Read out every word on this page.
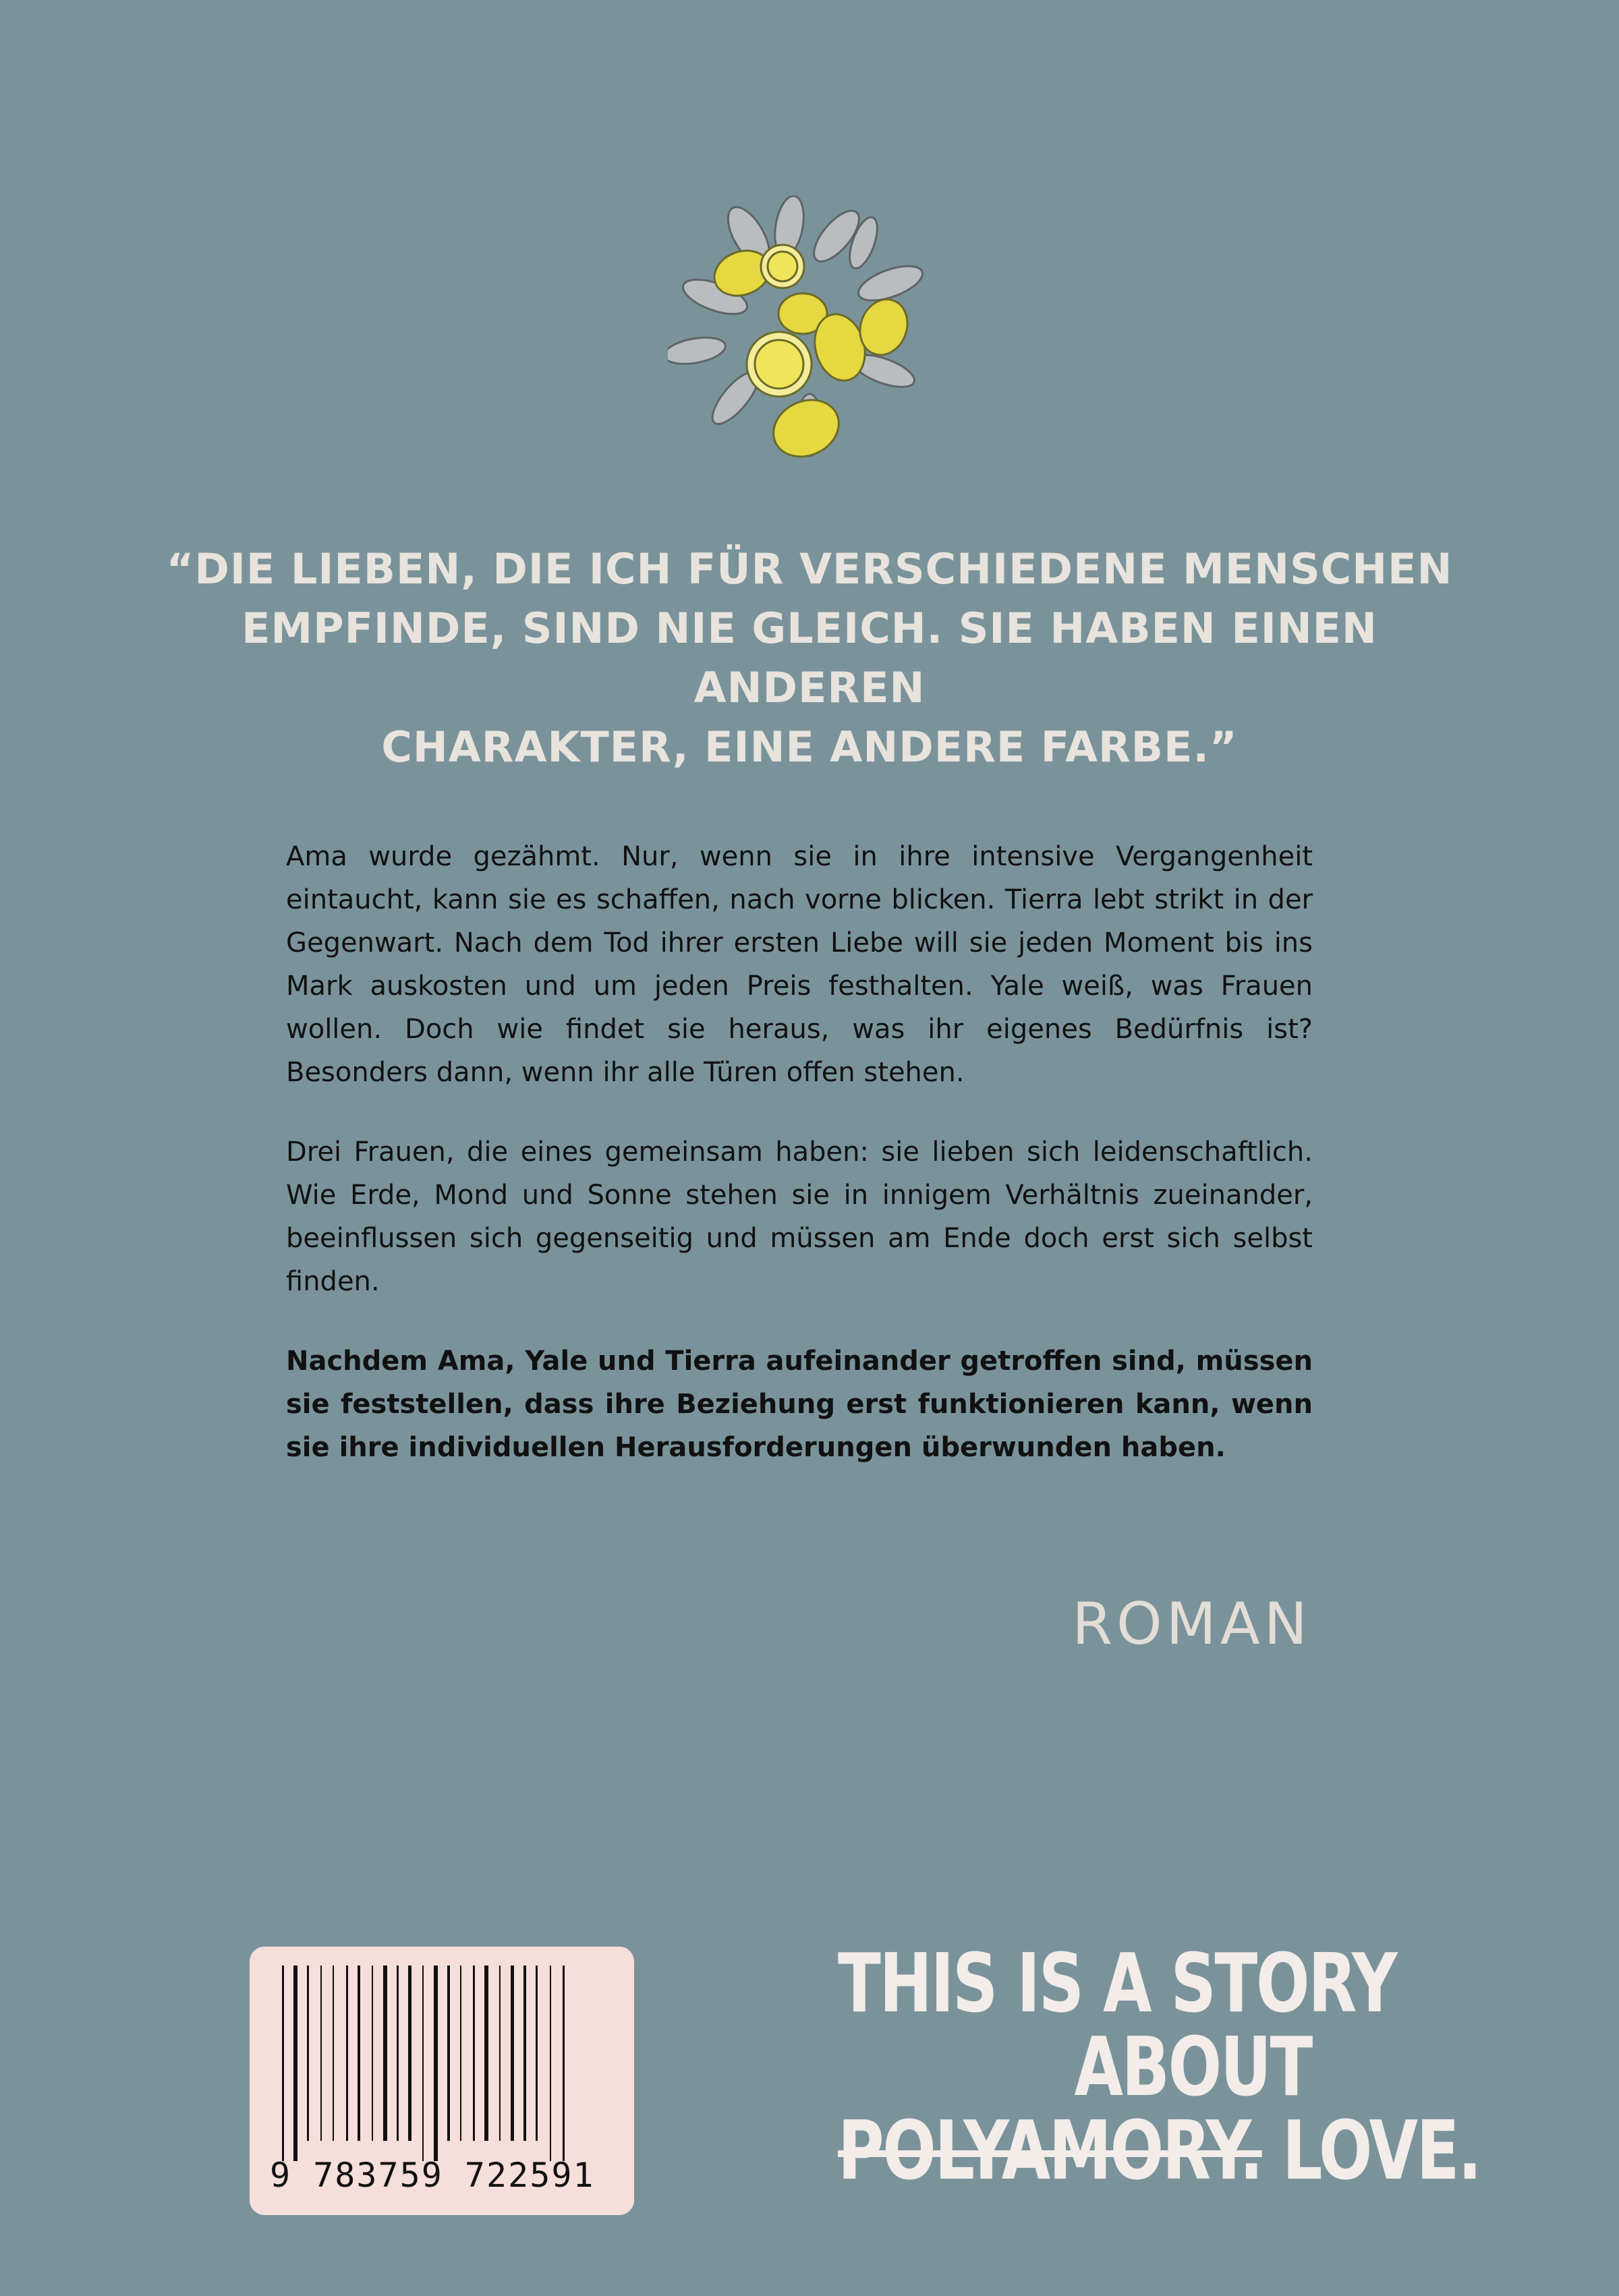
“DIE LIEBEN, DIE ICH FÜR VERSCHIEDENE MENSCHEN
EMPFINDE, SIND NIE GLEICH. SIE HABEN EINEN ANDEREN
CHARAKTER, EINE ANDERE FARBE.”

Ama wurde gezähmt. Nur, wenn sie in ihre intensive Vergangenheit eintaucht, kann sie es schaffen, nach vorne blicken. Tierra lebt strikt in der Gegenwart. Nach dem Tod ihrer ersten Liebe will sie jeden Moment bis ins Mark auskosten und um jeden Preis festhalten. Yale weiß, was Frauen wollen. Doch wie findet sie heraus, was ihr eigenes Bedürfnis ist? Besonders dann, wenn ihr alle Türen offen stehen.

Drei Frauen, die eines gemeinsam haben: sie lieben sich leidenschaftlich. Wie Erde, Mond und Sonne stehen sie in innigem Verhältnis zueinander, beeinflussen sich gegenseitig und müssen am Ende doch erst sich selbst finden.

Nachdem Ama, Yale und Tierra aufeinander getroffen sind, müssen sie feststellen, dass ihre Beziehung erst funktionieren kann, wenn sie ihre individuellen Herausforderungen überwunden haben.

ROMAN
9 783759 722591
THIS IS A STORY
ABOUT
POLYAMORY. LOVE.
